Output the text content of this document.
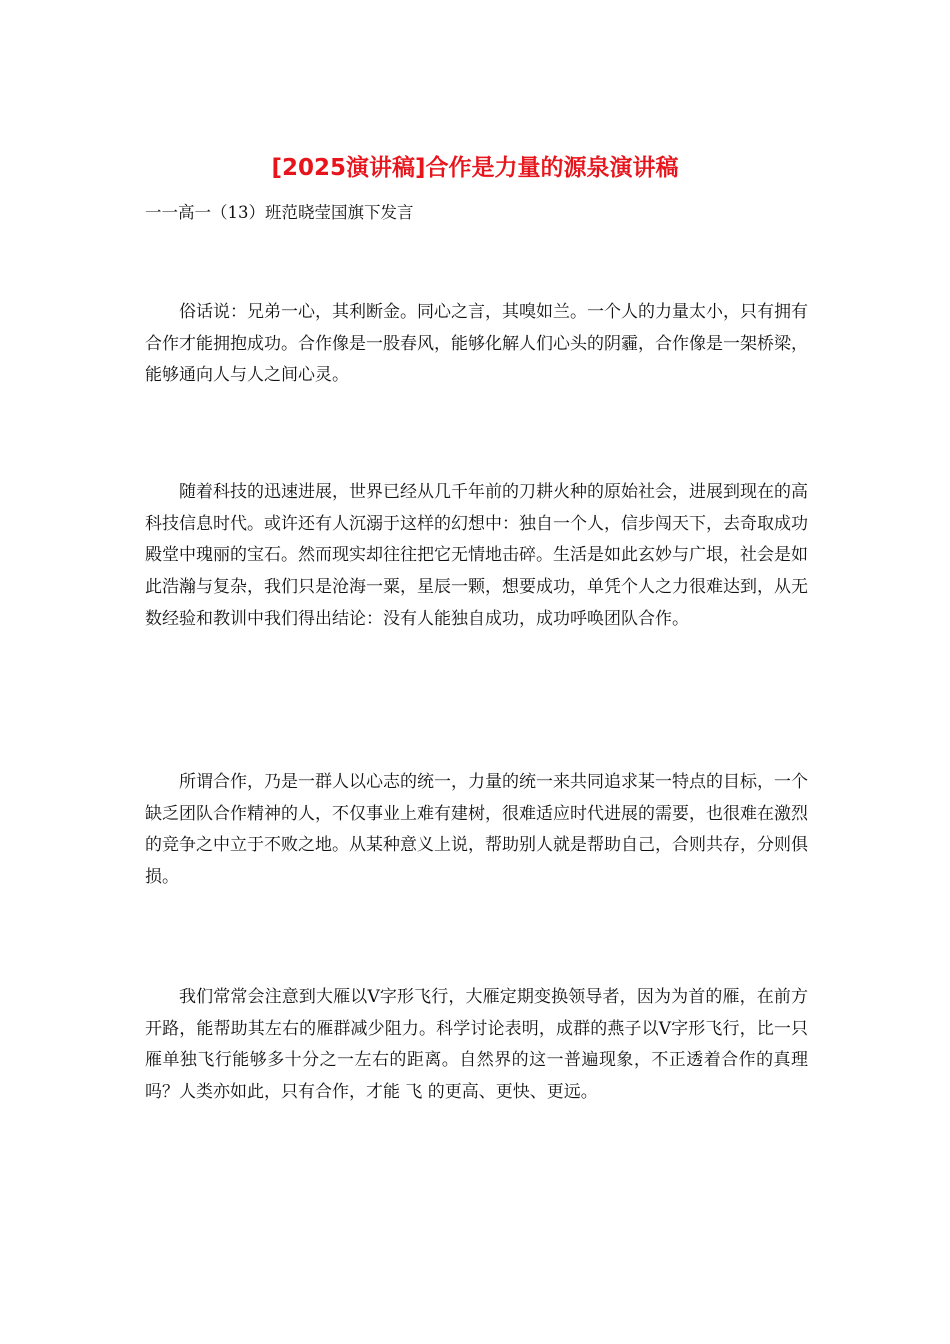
[2025演讲稿]合作是力量的源泉演讲稿

一一高一（13）班范晓莹国旗下发言

俗话说：兄弟一心，其利断金。同心之言，其嗅如兰。一个人的力量太小，只有拥有合作才能拥抱成功。合作像是一股春风，能够化解人们心头的阴霾，合作像是一架桥梁，能够通向人与人之间心灵。

随着科技的迅速进展，世界已经从几千年前的刀耕火种的原始社会，进展到现在的高科技信息时代。或许还有人沉溺于这样的幻想中：独自一个人，信步闯天下，去奇取成功殿堂中瑰丽的宝石。然而现实却往往把它无情地击碎。生活是如此玄妙与广垠，社会是如此浩瀚与复杂，我们只是沧海一粟，星辰一颗，想要成功，单凭个人之力很难达到，从无数经验和教训中我们得出结论：没有人能独自成功，成功呼唤团队合作。

所谓合作，乃是一群人以心志的统一，力量的统一来共同追求某一特点的目标，一个缺乏团队合作精神的人，不仅事业上难有建树，很难适应时代进展的需要，也很难在激烈的竞争之中立于不败之地。从某种意义上说，帮助别人就是帮助自己，合则共存，分则俱损。

我们常常会注意到大雁以V字形飞行，大雁定期变换领导者，因为为首的雁，在前方开路，能帮助其左右的雁群减少阻力。科学讨论表明，成群的燕子以V字形飞行，比一只雁单独飞行能够多十分之一左右的距离。自然界的这一普遍现象，不正透着合作的真理吗？人类亦如此，只有合作，才能 飞 的更高、更快、更远。
